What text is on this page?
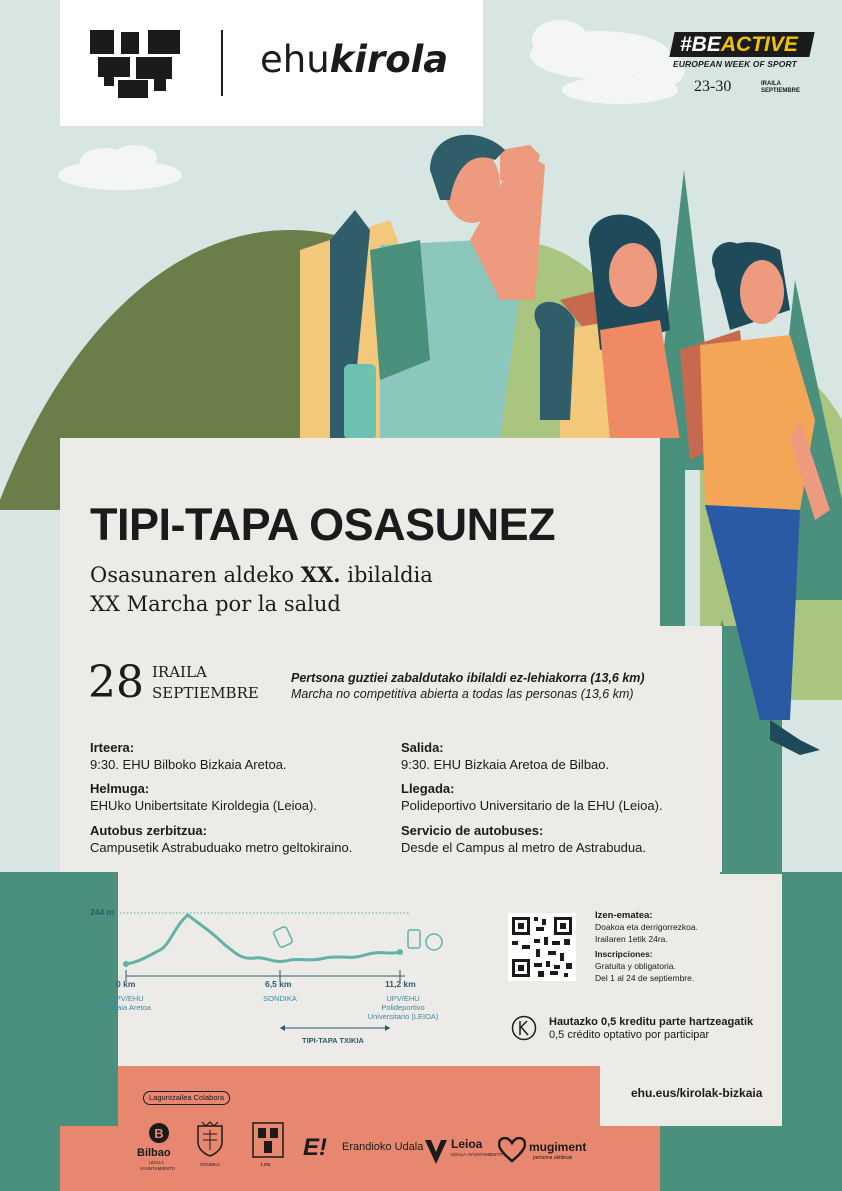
ehukirola	#BEACTIVE
EUROPEAN WEEK OF SPORT
23-30	IRAILA
SEPTIEMBRE
TIPI-TAPA OSASUNEZ
Osasunaren aldeko XX. ibilaldia
XX Marcha por la salud
28 IRAILA
SEPTIEMBRE
Pertsona guztiei zabaldutako ibilaldi ez-lehiakorra (13,6 km)
Marcha no competitiva abierta a todas las personas (13,6 km)
Irteera:
9:30. EHU Bilboko Bizkaia Aretoa.
Helmuga:
EHUko Unibertsitate Kiroldegia (Leioa).
Autobus zerbitzua:
Campusetik Astrabuduako metro geltokiraino.
Salida:
9:30. EHU Bizkaia Aretoa de Bilbao.
Llegada:
Polideportivo Universitario de la EHU (Leioa).
Servicio de autobuses:
Desde el Campus al metro de Astrabudua.
244 m
0 km
UPV/EHU
Bizkaia Aretoa
6,5 km
SONDIKA
11,2 km
UPV/EHU
Polideportivo
Universitario (LEIOA)
TIPI-TAPA TXIKIA
Izen-ematea:
Doakoa eta derrigorrezkoa.
Irailaren 1etik 24ra.
Inscripciones:
Gratuita y obligatoria.
Del 1 al 24 de septiembre.
Hautazko 0,5 kreditu parte hartzeagatik
0,5 crédito optativo por participar
ehu.eus/kirolak-bizkaia
Laguntzailea Colabora
B
Bilbao
UDALA
AYUNTAMIENTO
SONDIKA	Loiu
E! Erandioko Udala Leioa
UDALA·AYUNTAMIENTO
mugiment
pertsona aktiboak
